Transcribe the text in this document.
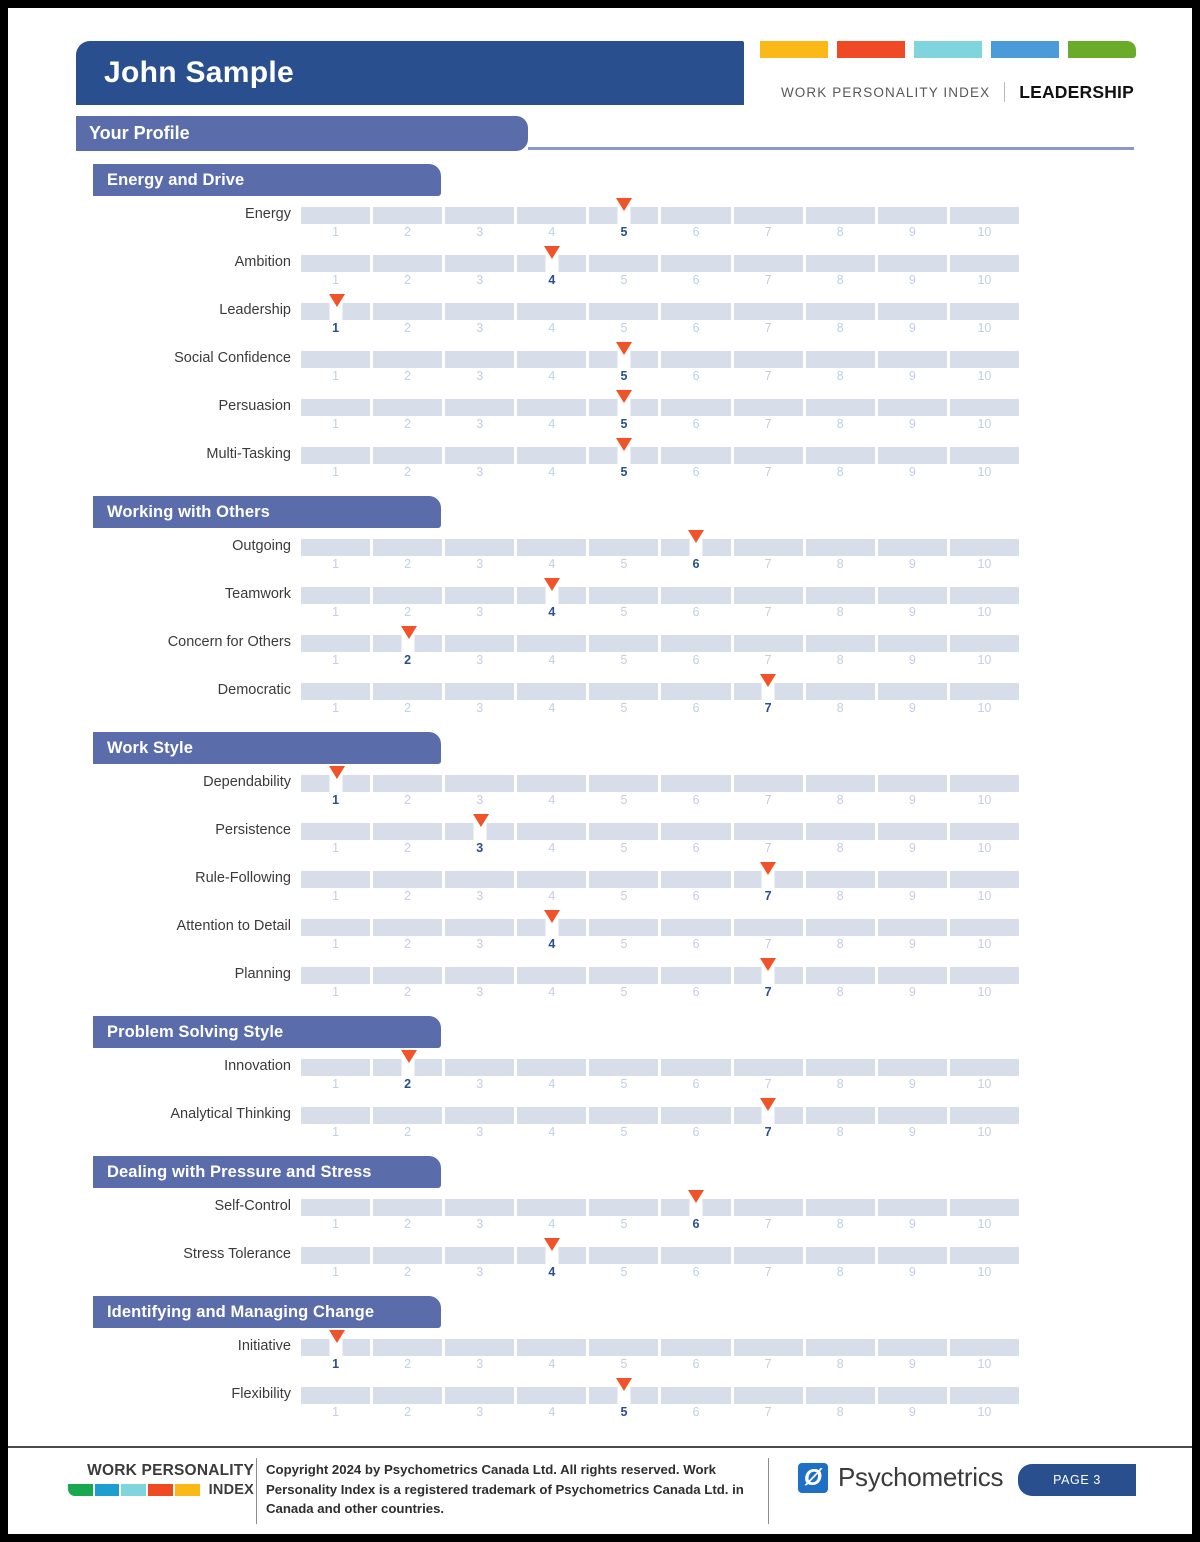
John Sample
WORK PERSONALITY INDEX LEADERSHIP
Your Profile
Energy and Drive
Energy
1	2	3	4	5	6	7	8	9	10
Ambition
1	2	3	4	5	6	7	8	9	10
Leadership
1	2	3	4	5	6	7	8	9	10
Social Confidence
1	2	3	4	5	6	7	8	9	10
Persuasion
1	2	3	4	5	6	7	8	9	10
Multi-Tasking
1	2	3	4	5	6	7	8	9	10
Working with Others
Outgoing
1	2	3	4	5	6	7	8	9	10
Teamwork
1	2	3	4	5	6	7	8	9	10
Concern for Others
1	2	3	4	5	6	7	8	9	10
Democratic
1	2	3	4	5	6	7	8	9	10
Work Style
Dependability
1	2	3	4	5	6	7	8	9	10
Persistence
1	2	3	4	5	6	7	8	9	10
Rule-Following
1	2	3	4	5	6	7	8	9	10
Attention to Detail
1	2	3	4	5	6	7	8	9	10
Planning
1	2	3	4	5	6	7	8	9	10
Problem Solving Style
Innovation
1	2	3	4	5	6	7	8	9	10
Analytical Thinking
1	2	3	4	5	6	7	8	9	10
Dealing with Pressure and Stress
Self-Control
1	2	3	4	5	6	7	8	9	10
Stress Tolerance
1	2	3	4	5	6	7	8	9	10
Identifying and Managing Change
Initiative
1	2	3	4	5	6	7	8	9	10
Flexibility
1	2	3	4	5	6	7	8	9	10
WORK PERSONALITY
INDEX
Copyright 2024 by Psychometrics Canada Ltd. All rights reserved. Work Personality Index is a registered trademark of Psychometrics Canada Ltd. in Canada and other countries.
Ø Psychometrics	PAGE 3
